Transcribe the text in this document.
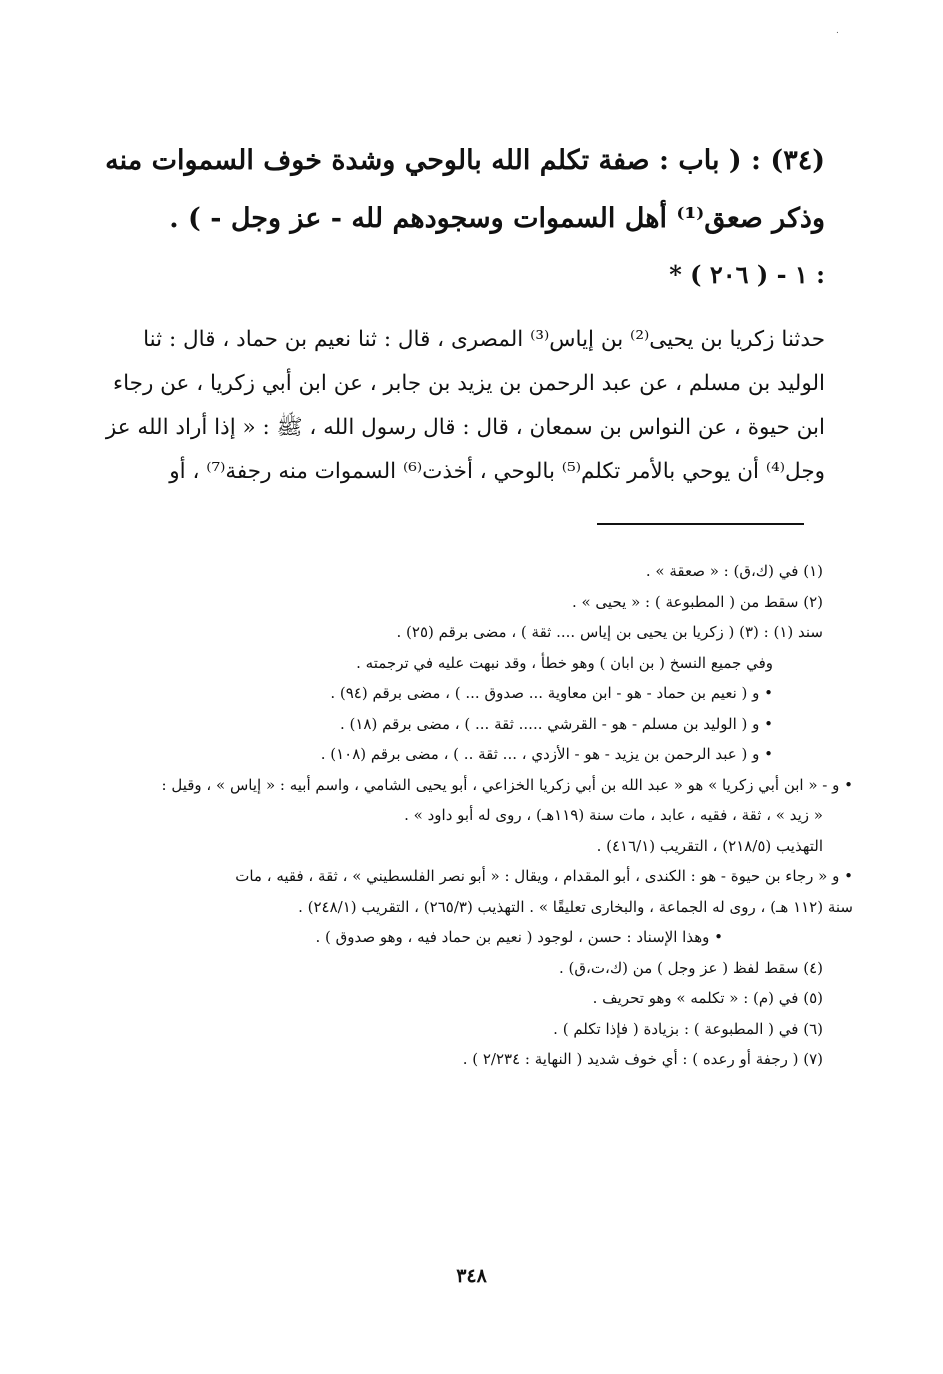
٠
(٣٤) : ( باب : صفة تكلم الله بالوحي وشدة خوف السموات منه
وذكر صعق⁽¹⁾ أهل السموات وسجودهم لله - عز وجل - ) .
* ١ - ( ٢٠٦ ) :
حدثنا زكريا بن يحيى⁽²⁾ بن إياس⁽³⁾ المصرى ، قال : ثنا نعيم بن حماد ، قال : ثنا
الوليد بن مسلم ، عن عبد الرحمن بن يزيد بن جابر ، عن ابن أبي زكريا ، عن رجاء
ابن حيوة ، عن النواس بن سمعان ، قال : قال رسول الله ، ﷺ : « إذا أراد الله عز
وجل⁽⁴⁾ أن يوحي بالأمر تكلم⁽⁵⁾ بالوحي ، أخذت⁽⁶⁾ السموات منه رجفة⁽⁷⁾ ، أو
(١) في (ك،ق) : « صعقة » .
(٢) سقط من ( المطبوعة ) : « يحيى » .
سند (١) : (٣) ( زكريا بن يحيى بن إياس .... ثقة ) ، مضى برقم (٢٥) .
وفي جميع النسخ ( بن ابان ) وهو خطأ ، وقد نبهت عليه في ترجمته .
• و ( نعيم بن حماد - هو - ابن معاوية ... صدوق ... ) ، مضى برقم (٩٤) .
• و ( الوليد بن مسلم - هو - القرشي ..... ثقة ... ) ، مضى برقم (١٨) .
• و ( عبد الرحمن بن يزيد - هو - الأزدي ، ... ثقة .. ) ، مضى برقم (١٠٨) .
• و - « ابن أبي زكريا » هو « عبد الله بن أبي زكريا الخزاعي ، أبو يحيى الشامي ، واسم أبيه : « إياس » ، وقيل :
« زيد » ، ثقة ، فقيه ، عابد ، مات سنة (١١٩هـ) ، روى له أبو داود » .
التهذيب (٢١٨/٥) ، التقريب (٤١٦/١) .
• و « رجاء بن حيوة - هو : الكندى ، أبو المقدام ، ويقال : « أبو نصر الفلسطيني » ، ثقة ، فقيه ، مات
سنة (١١٢ هـ) ، روى له الجماعة ، والبخارى تعليقًا » . التهذيب (٢٦٥/٣) ، التقريب (٢٤٨/١) .
• وهذا الإسناد : حسن ، لوجود ( نعيم بن حماد فيه ، وهو صدوق ) .
(٤) سقط لفظ ( عز وجل ) من (ك،ت،ق) .
(٥) في (م) : « تكلمه » وهو تحريف .
(٦) في ( المطبوعة ) : بزيادة ( فإذا تكلم ) .
(٧) ( رجفة أو رعده ) : أي خوف شديد ( النهاية : ٢/٢٣٤ ) .
٣٤٨
